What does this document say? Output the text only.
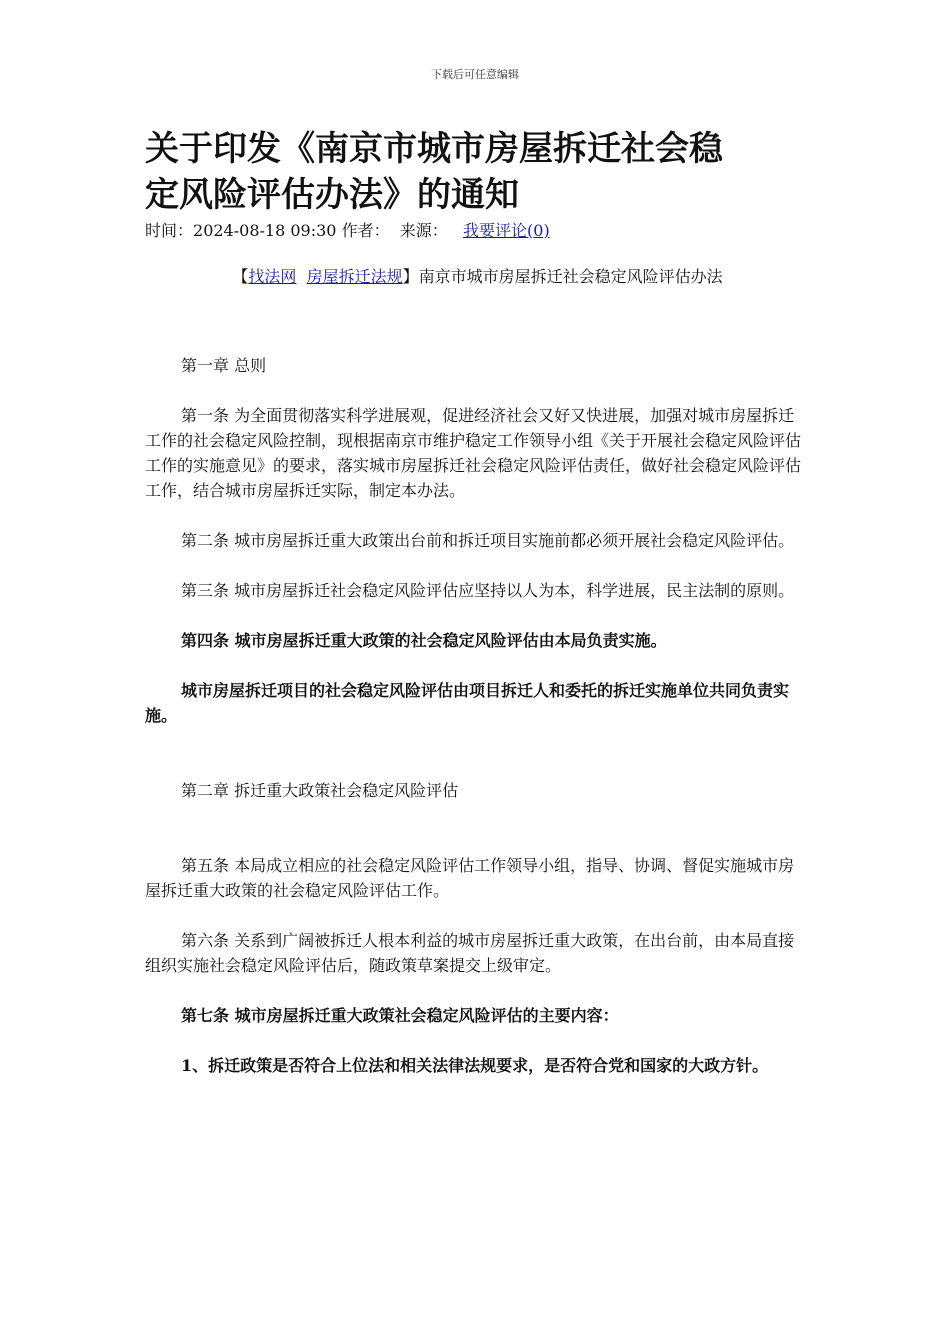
下载后可任意编辑
关于印发《南京市城市房屋拆迁社会稳
定风险评估办法》的通知
时间：2024-08-18 09:30 作者： 来源： 我要评论(0)
【找法网 房屋拆迁法规】南京市城市房屋拆迁社会稳定风险评估办法

第一章 总则

第一条 为全面贯彻落实科学进展观，促进经济社会又好又快进展，加强对城市房屋拆迁工作的社会稳定风险控制，现根据南京市维护稳定工作领导小组《关于开展社会稳定风险评估工作的实施意见》的要求，落实城市房屋拆迁社会稳定风险评估责任，做好社会稳定风险评估工作，结合城市房屋拆迁实际，制定本办法。

第二条 城市房屋拆迁重大政策出台前和拆迁项目实施前都必须开展社会稳定风险评估。

第三条 城市房屋拆迁社会稳定风险评估应坚持以人为本，科学进展，民主法制的原则。

第四条 城市房屋拆迁重大政策的社会稳定风险评估由本局负责实施。

城市房屋拆迁项目的社会稳定风险评估由项目拆迁人和委托的拆迁实施单位共同负责实施。

第二章 拆迁重大政策社会稳定风险评估

第五条 本局成立相应的社会稳定风险评估工作领导小组，指导、协调、督促实施城市房屋拆迁重大政策的社会稳定风险评估工作。

第六条 关系到广阔被拆迁人根本利益的城市房屋拆迁重大政策，在出台前，由本局直接组织实施社会稳定风险评估后，随政策草案提交上级审定。

第七条 城市房屋拆迁重大政策社会稳定风险评估的主要内容：

1、拆迁政策是否符合上位法和相关法律法规要求，是否符合党和国家的大政方针。
